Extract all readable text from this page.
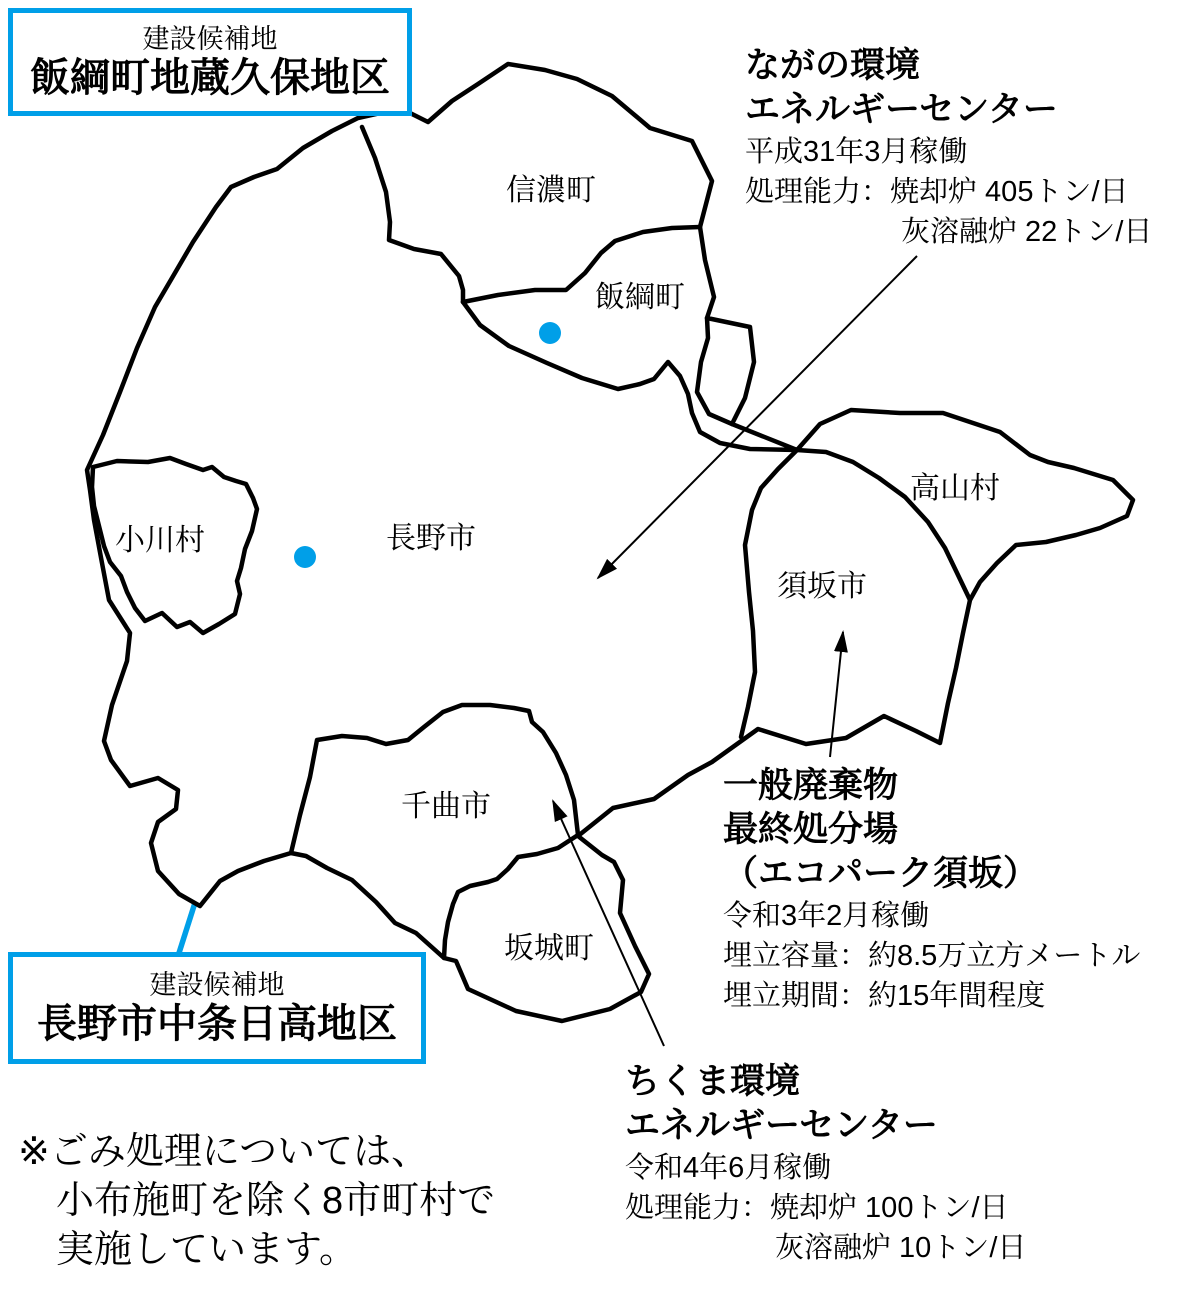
信濃町
飯綱町
小川村	長野市
高山村
須坂市
千曲市
坂城町
建設候補地
飯綱町地蔵久保地区
建設候補地
長野市中条日高地区
ながの環境
エネルギーセンター
平成31年3月稼働
処理能力：焼却炉 405トン/日
灰溶融炉 22トン/日
一般廃棄物
最終処分場
（エコパーク須坂）
令和3年2月稼働
埋立容量：約8.5万立方メートル
埋立期間：約15年間程度
ちくま環境
エネルギーセンター
令和4年6月稼働
処理能力：焼却炉 100トン/日
灰溶融炉 10トン/日
※ごみ処理については、
小布施町を除く8市町村で
実施しています。
